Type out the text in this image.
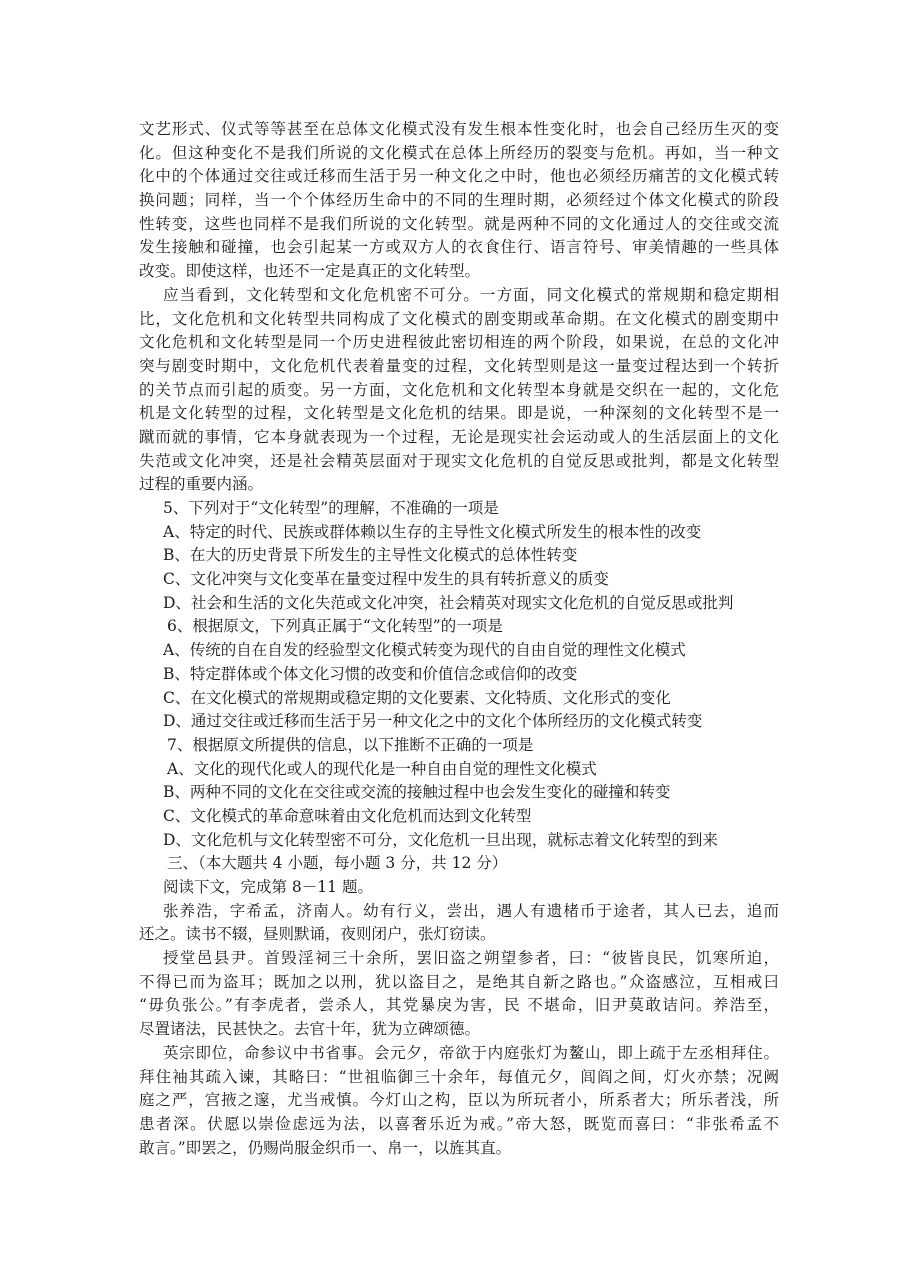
文艺形式、仪式等等甚至在总体文化模式没有发生根本性变化时，也会自己经历生灭的变
化。但这种变化不是我们所说的文化模式在总体上所经历的裂变与危机。再如，当一种文
化中的个体通过交往或迁移而生活于另一种文化之中时，他也必须经历痛苦的文化模式转
换问题；同样，当一个个体经历生命中的不同的生理时期，必须经过个体文化模式的阶段
性转变，这些也同样不是我们所说的文化转型。就是两种不同的文化通过人的交往或交流
发生接触和碰撞，也会引起某一方或双方人的衣食住行、语言符号、审美情趣的一些具体
改变。即使这样，也还不一定是真正的文化转型。
应当看到，文化转型和文化危机密不可分。一方面，同文化模式的常规期和稳定期相
比，文化危机和文化转型共同构成了文化模式的剧变期或革命期。在文化模式的剧变期中
文化危机和文化转型是同一个历史进程彼此密切相连的两个阶段，如果说，在总的文化冲
突与剧变时期中，文化危机代表着量变的过程，文化转型则是这一量变过程达到一个转折
的关节点而引起的质变。另一方面，文化危机和文化转型本身就是交织在一起的，文化危
机是文化转型的过程，文化转型是文化危机的结果。即是说，一种深刻的文化转型不是一
蹴而就的事情，它本身就表现为一个过程，无论是现实社会运动或人的生活层面上的文化
失范或文化冲突，还是社会精英层面对于现实文化危机的自觉反思或批判，都是文化转型
过程的重要内涵。
5、下列对于“文化转型”的理解，不准确的一项是
A、特定的时代、民族或群体赖以生存的主导性文化模式所发生的根本性的改变
B、在大的历史背景下所发生的主导性文化模式的总体性转变
C、文化冲突与文化变革在量变过程中发生的具有转折意义的质变
D、社会和生活的文化失范或文化冲突，社会精英对现实文化危机的自觉反思或批判
6、根据原文，下列真正属于“文化转型”的一项是
A、传统的自在自发的经验型文化模式转变为现代的自由自觉的理性文化模式
B、特定群体或个体文化习惯的改变和价值信念或信仰的改变
C、在文化模式的常规期或稳定期的文化要素、文化特质、文化形式的变化
D、通过交往或迁移而生活于另一种文化之中的文化个体所经历的文化模式转变
7、根据原文所提供的信息，以下推断不正确的一项是
A、文化的现代化或人的现代化是一种自由自觉的理性文化模式
B、两种不同的文化在交往或交流的接触过程中也会发生变化的碰撞和转变
C、文化模式的革命意味着由文化危机而达到文化转型
D、文化危机与文化转型密不可分，文化危机一旦出现，就标志着文化转型的到来
三、（本大题共 4 小题，每小题 3 分，共 12 分）
阅读下文，完成第 8－11 题。
张养浩，字希孟，济南人。幼有行义，尝出，遇人有遗楮币于途者，其人已去，追而
还之。读书不辍，昼则默诵，夜则闭户，张灯窃读。
授堂邑县尹。首毁淫祠三十余所，罢旧盗之朔望参者，曰：“彼皆良民，饥寒所迫，
不得已而为盗耳；既加之以刑，犹以盗目之，是绝其自新之路也。”众盗感泣，互相戒曰
“毋负张公。”有李虎者，尝杀人，其党暴戾为害，民 不堪命，旧尹莫敢诘问。养浩至，
尽置诸法，民甚快之。去官十年，犹为立碑颂德。
英宗即位，命参议中书省事。会元夕，帝欲于内庭张灯为鳌山，即上疏于左丞相拜住。
拜住袖其疏入谏，其略曰：“世祖临御三十余年，每值元夕，闾阎之间，灯火亦禁；况阙
庭之严，宫掖之邃，尤当戒慎。今灯山之构，臣以为所玩者小，所系者大；所乐者浅，所
患者深。伏愿以崇俭虑远为法，以喜奢乐近为戒。”帝大怒，既览而喜曰：“非张希孟不
敢言。”即罢之，仍赐尚服金织币一、帛一，以旌其直。
